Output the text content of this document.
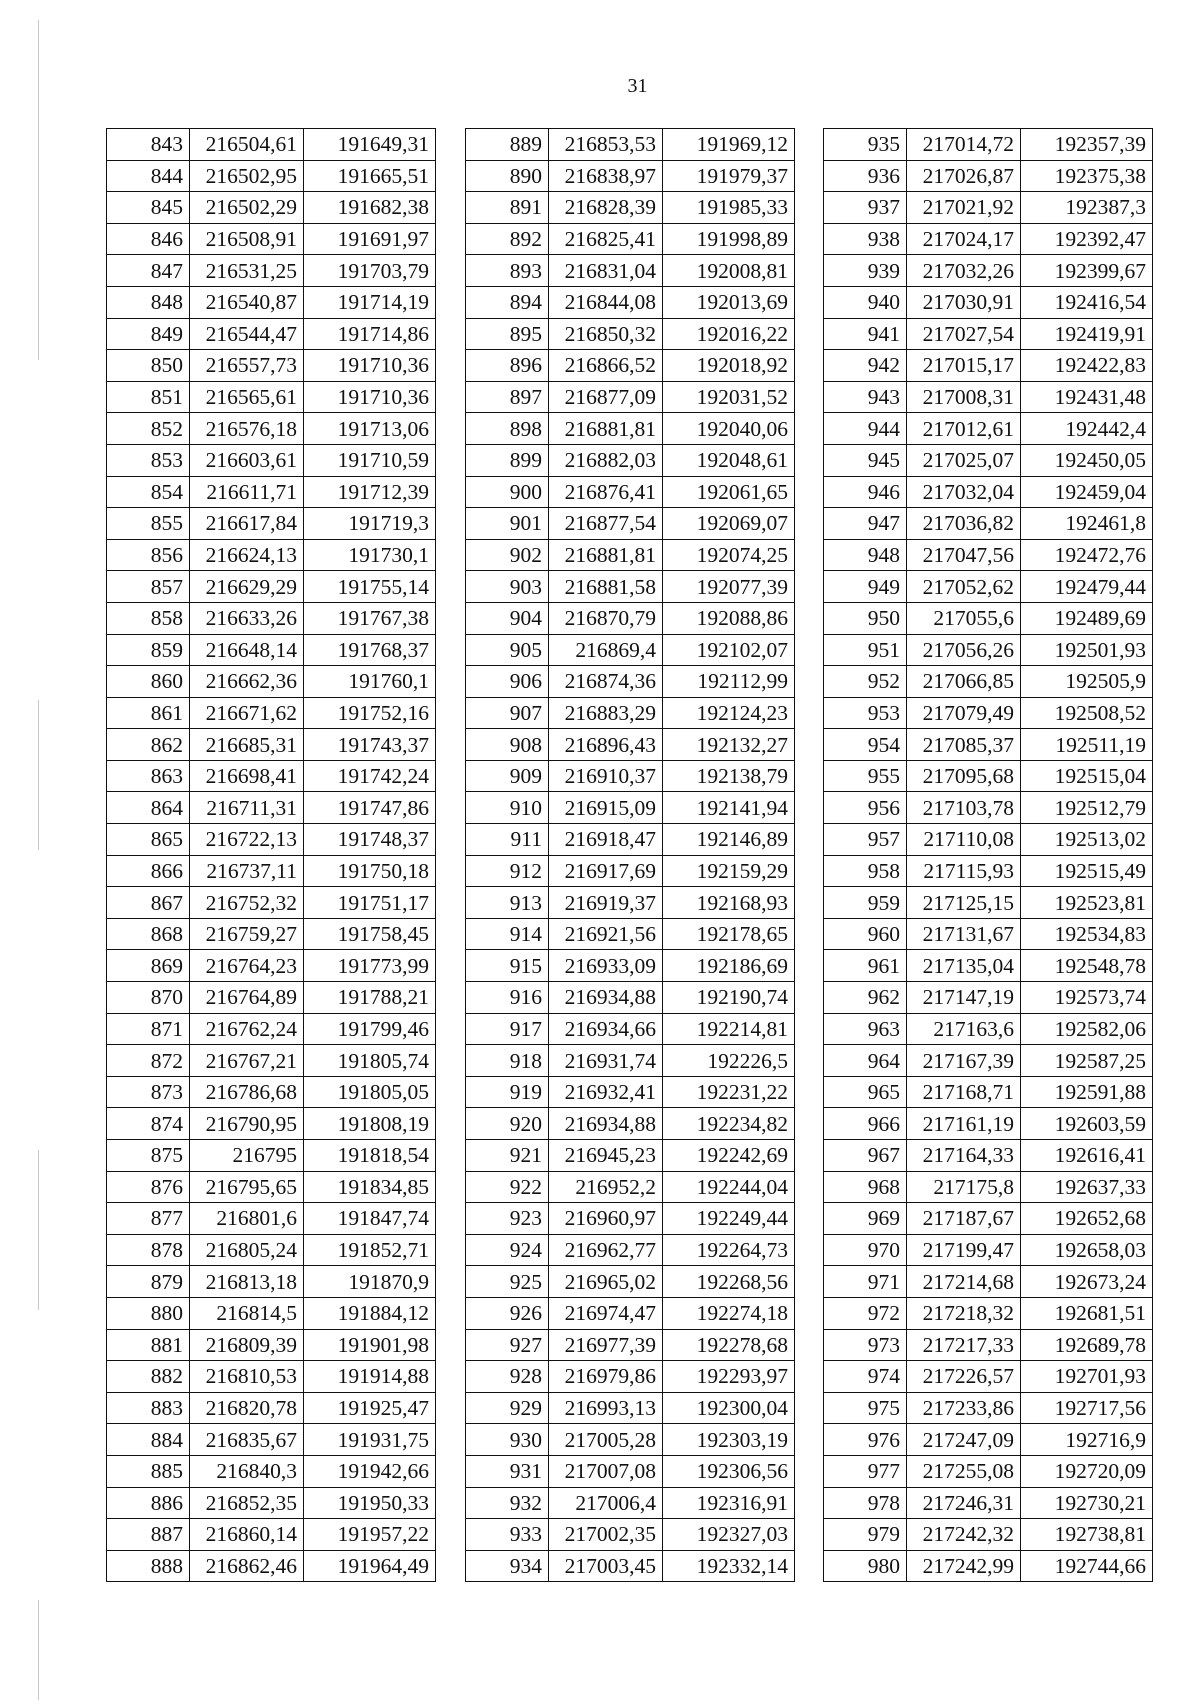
31
843	216504,61	191649,31
844	216502,95	191665,51
845	216502,29	191682,38
846	216508,91	191691,97
847	216531,25	191703,79
848	216540,87	191714,19
849	216544,47	191714,86
850	216557,73	191710,36
851	216565,61	191710,36
852	216576,18	191713,06
853	216603,61	191710,59
854	216611,71	191712,39
855	216617,84	191719,3
856	216624,13	191730,1
857	216629,29	191755,14
858	216633,26	191767,38
859	216648,14	191768,37
860	216662,36	191760,1
861	216671,62	191752,16
862	216685,31	191743,37
863	216698,41	191742,24
864	216711,31	191747,86
865	216722,13	191748,37
866	216737,11	191750,18
867	216752,32	191751,17
868	216759,27	191758,45
869	216764,23	191773,99
870	216764,89	191788,21
871	216762,24	191799,46
872	216767,21	191805,74
873	216786,68	191805,05
874	216790,95	191808,19
875	216795	191818,54
876	216795,65	191834,85
877	216801,6	191847,74
878	216805,24	191852,71
879	216813,18	191870,9
880	216814,5	191884,12
881	216809,39	191901,98
882	216810,53	191914,88
883	216820,78	191925,47
884	216835,67	191931,75
885	216840,3	191942,66
886	216852,35	191950,33
887	216860,14	191957,22
888	216862,46	191964,49
889	216853,53	191969,12
890	216838,97	191979,37
891	216828,39	191985,33
892	216825,41	191998,89
893	216831,04	192008,81
894	216844,08	192013,69
895	216850,32	192016,22
896	216866,52	192018,92
897	216877,09	192031,52
898	216881,81	192040,06
899	216882,03	192048,61
900	216876,41	192061,65
901	216877,54	192069,07
902	216881,81	192074,25
903	216881,58	192077,39
904	216870,79	192088,86
905	216869,4	192102,07
906	216874,36	192112,99
907	216883,29	192124,23
908	216896,43	192132,27
909	216910,37	192138,79
910	216915,09	192141,94
911	216918,47	192146,89
912	216917,69	192159,29
913	216919,37	192168,93
914	216921,56	192178,65
915	216933,09	192186,69
916	216934,88	192190,74
917	216934,66	192214,81
918	216931,74	192226,5
919	216932,41	192231,22
920	216934,88	192234,82
921	216945,23	192242,69
922	216952,2	192244,04
923	216960,97	192249,44
924	216962,77	192264,73
925	216965,02	192268,56
926	216974,47	192274,18
927	216977,39	192278,68
928	216979,86	192293,97
929	216993,13	192300,04
930	217005,28	192303,19
931	217007,08	192306,56
932	217006,4	192316,91
933	217002,35	192327,03
934	217003,45	192332,14
935	217014,72	192357,39
936	217026,87	192375,38
937	217021,92	192387,3
938	217024,17	192392,47
939	217032,26	192399,67
940	217030,91	192416,54
941	217027,54	192419,91
942	217015,17	192422,83
943	217008,31	192431,48
944	217012,61	192442,4
945	217025,07	192450,05
946	217032,04	192459,04
947	217036,82	192461,8
948	217047,56	192472,76
949	217052,62	192479,44
950	217055,6	192489,69
951	217056,26	192501,93
952	217066,85	192505,9
953	217079,49	192508,52
954	217085,37	192511,19
955	217095,68	192515,04
956	217103,78	192512,79
957	217110,08	192513,02
958	217115,93	192515,49
959	217125,15	192523,81
960	217131,67	192534,83
961	217135,04	192548,78
962	217147,19	192573,74
963	217163,6	192582,06
964	217167,39	192587,25
965	217168,71	192591,88
966	217161,19	192603,59
967	217164,33	192616,41
968	217175,8	192637,33
969	217187,67	192652,68
970	217199,47	192658,03
971	217214,68	192673,24
972	217218,32	192681,51
973	217217,33	192689,78
974	217226,57	192701,93
975	217233,86	192717,56
976	217247,09	192716,9
977	217255,08	192720,09
978	217246,31	192730,21
979	217242,32	192738,81
980	217242,99	192744,66
